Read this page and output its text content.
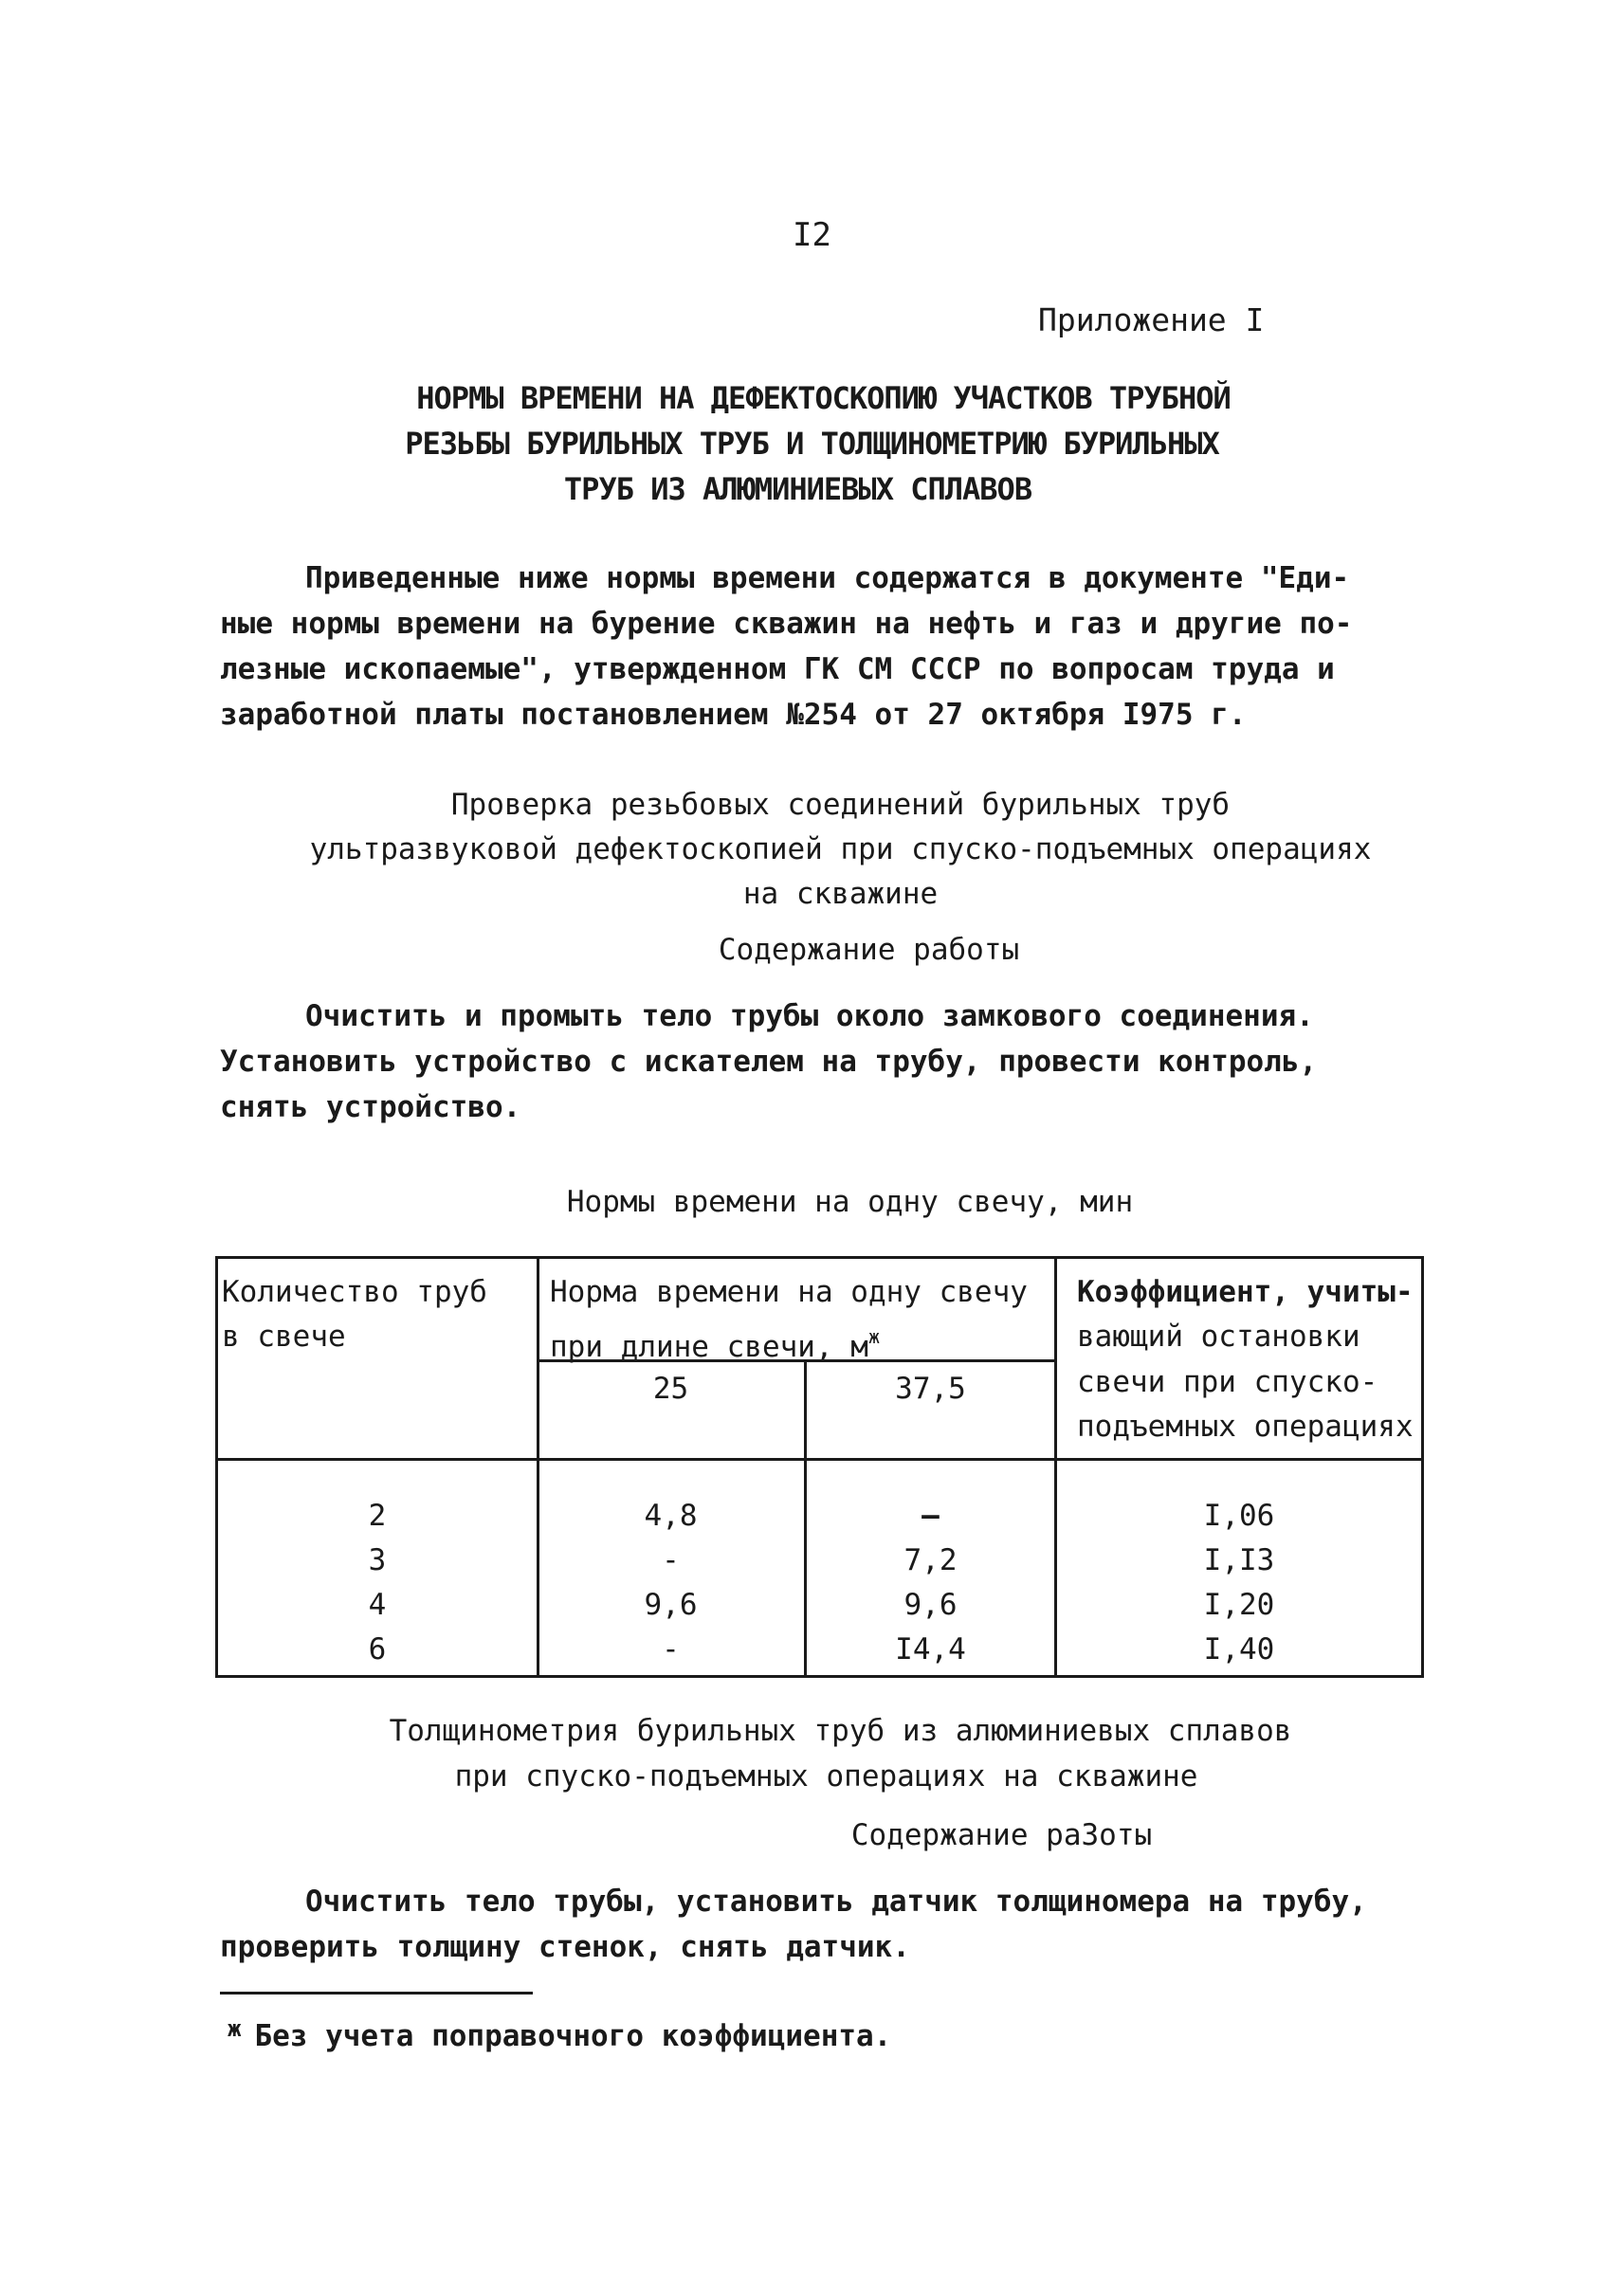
I2
Приложение I
НОРМЫ ВРЕМЕНИ НА ДЕФЕКТОСКОПИЮ УЧАСТКОВ ТРУБНОЙ
РЕЗЬБЫ БУРИЛЬНЫХ ТРУБ И ТОЛЩИНОМЕТРИЮ БУРИЛЬНЫХ
ТРУБ ИЗ АЛЮМИНИЕВЫХ СПЛАВОВ
Приведенные ниже нормы времени содержатся в документе "Еди-
ные нормы времени на бурение скважин на нефть и газ и другие по-
лезные ископаемые", утвержденном ГК СМ СССР по вопросам труда и
заработной платы постановлением №254 от 27 октября I975 г.
Проверка резьбовых соединений бурильных труб
ультразвуковой дефектоскопией при спуско-подъемных операциях
на скважине
Содержание работы
Очистить и промыть тело трубы около замкового соединения.
Установить устройство с искателем на трубу, провести контроль,
снять устройство.
Нормы времени на одну свечу, мин
Количество труб
в свече
Норма времени на одну свечу
при длине свечи, $м^ж$
25	37,5
Коэффициент, учиты-
вающий остановки
свечи при спуско-
подъемных операциях
2	4,8	—	I,06
3	-	7,2	I,I3
4	9,6	9,6	I,20
6	-	I4,4	I,40
Толщинометрия бурильных труб из алюминиевых сплавов
при спуско-подъемных операциях на скважине
Содержание раЗоты
Очистить тело трубы, установить датчик толщиномера на трубу,
проверить толщину стенок, снять датчик.
$^ж$ Без учета поправочного коэффициента.
